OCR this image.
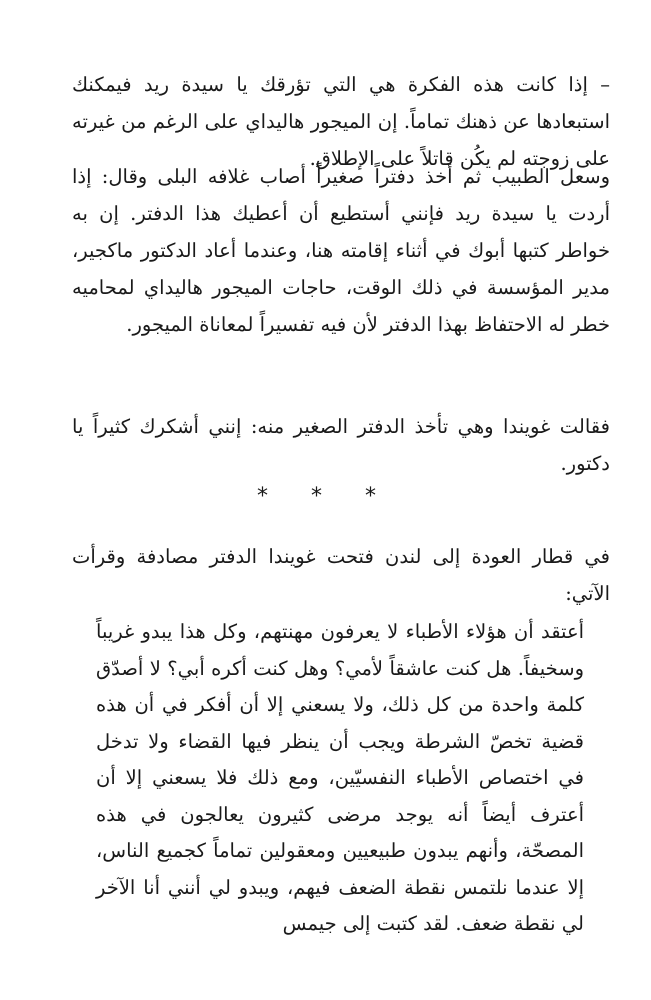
– إذا كانت هذه الفكرة هي التي تؤرقك يا سيدة ريد فيمكنك استبعادها عن ذهنك تماماً. إن الميجور هاليداي على الرغم من غيرته على زوجته لم يكُن قاتلاً على الإطلاق.

وسعل الطبيب ثم أخذ دفتراً صغيراً أصاب غلافه البلى وقال: إذا أردت يا سيدة ريد فإنني أستطيع أن أعطيك هذا الدفتر. إن به خواطر كتبها أبوك في أثناء إقامته هنا، وعندما أعاد الدكتور ماكجير، مدير المؤسسة في ذلك الوقت، حاجات الميجور هاليداي لمحاميه خطر له الاحتفاظ بهذا الدفتر لأن فيه تفسيراً لمعاناة الميجور.

فقالت غويندا وهي تأخذ الدفتر الصغير منه: إنني أشكرك كثيراً يا دكتور.

* * *

في قطار العودة إلى لندن فتحت غويندا الدفتر مصادفة وقرأت الآتي:

أعتقد أن هؤلاء الأطباء لا يعرفون مهنتهم، وكل هذا يبدو غريباً وسخيفاً. هل كنت عاشقاً لأمي؟ وهل كنت أكره أبي؟ لا أصدّق كلمة واحدة من كل ذلك، ولا يسعني إلا أن أفكر في أن هذه قضية تخصّ الشرطة ويجب أن ينظر فيها القضاء ولا تدخل في اختصاص الأطباء النفسيّين، ومع ذلك فلا يسعني إلا أن أعترف أيضاً أنه يوجد مرضى كثيرون يعالجون في هذه المصحّة، وأنهم يبدون طبيعيين ومعقولين تماماً كجميع الناس، إلا عندما نلتمس نقطة الضعف فيهم، ويبدو لي أنني أنا الآخر لي نقطة ضعف. لقد كتبت إلى جيمس
